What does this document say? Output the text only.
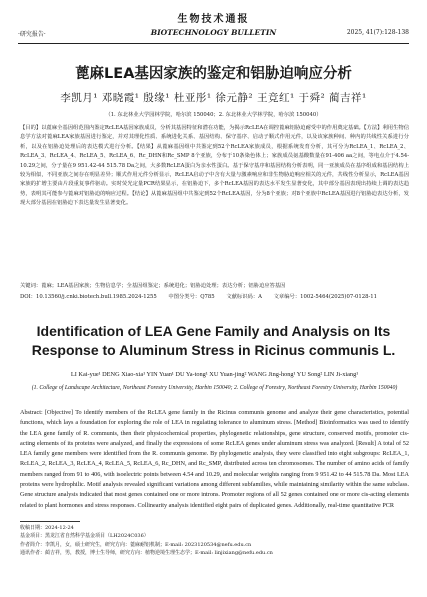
生物技术通报
·研究报告·	BIOTECHNOLOGY BULLETIN	2025, 41(7):128-138
蓖麻LEA基因家族的鉴定和铝胁迫响应分析
李凯月¹ 邓晓霞¹ 殷缘¹ 杜亚彤¹ 徐元静² 王竞红¹ 于舜² 蔺吉祥¹
（1. 东北林业大学园林学院，哈尔滨 150040；2. 东北林业大学林学院，哈尔滨 150040）
【目的】以蓖麻全基因组范围内鉴定RcLEA基因家族成员，分析其基因特征和潜在功能，为揭示RcLEA在调控蓖麻铝胁迫耐受中的作用奠定基础。【方法】利用生物信息学方法对蓖麻LEA家族基因进行鉴定，并对其理化性质、系统进化关系、基因结构、保守基序、启动子顺式作用元件，以及该家族种间、种内的共线性关系进行分析，以及在铝胁迫处理后的表达模式进行分析。【结果】从蓖麻基因组中共鉴定到52个RcLEA家族成员，根据系统发育分析，其可分为RcLEA_1、RcLEA_2、RcLEA_3、RcLEA_4、RcLEA_5、RcLEA_6、Rc_DHN和Rc_SMP 8个亚族，分布于10条染色体上；家族成员氨基酸数量在91-406 aa之间，等电点介于4.54-10.29之间，分子量在9 951.42-44 515.78 Da之间，大多数RcLEA蛋白为亲水性蛋白。基于保守基序和基因结构分析表明，同一亚族成员在基序组成和基因结构上较为相似，不同亚族之间存在明显差异；顺式作用元件分析显示，RcLEA启动子中含有大量与激素响应和非生物胁迫响应相关的元件，共线性分析显示，RcLEA基因家族的扩增主要由片段重复事件驱动。实时荧光定量PCR结果显示，在铝胁迫下，多个RcLEA基因的表达水平发生显著变化，其中部分基因表现出持续上调的表达趋势，表明其可能参与蓖麻对铝胁迫的响应过程。【结论】从蓖麻基因组中共鉴定到52个RcLEA基因，分为8个亚族；对8个亚族中RcLEA基因进行铝胁迫表达分析，发现大部分基因在铝胁迫下表达量发生显著变化。
关键词：蓖麻；LEA基因家族；生物信息学；全基因组鉴定；系统进化；铝胁迫处理；表达分析；铝胁迫应答基因
DOI：10.13560/j.cnki.biotech.bull.1985.2024-1255 中图分类号：Q785 文献标识码：A 文章编号：1002-5464(2025)07-0128-11
Identification of LEA Gene Family and Analysis on Its Response to Aluminum Stress in Ricinus communis L.
LI Kai-yue¹ DENG Xiao-xia¹ YIN Yuan¹ DU Ya-tong¹ XU Yuan-jing² WANG Jing-hong¹ YU Song² LIN Ji-xiang¹
(1. College of Landscape Architecture, Northeast Forestry University, Harbin 150040; 2. College of Forestry, Northeast Forestry University, Harbin 150040)
Abstract: [Objective] To identify members of the RcLEA gene family in the Ricinus communis genome and analyze their gene characteristics, potential functions, which lays a foundation for exploring the role of LEA in regulating tolerance to aluminum stress. [Method] Bioinformatics was used to identify the LEA gene family of R. communis, then their physicochemical properties, phylogenetic relationships, gene structure, conserved motifs, promoter cis-acting elements of its proteins were analyzed, and finally the expressions of some RcLEA genes under aluminum stress was analyzed. [Result] A total of 52 LEA family gene members were identified from the R. communis genome. By phylogenetic analysis, they were classified into eight subgroups: RcLEA_1, RcLEA_2, RcLEA_3, RcLEA_4, RcLEA_5, RcLEA_6, Rc_DHN, and Rc_SMP, distributed across ten chromosomes. The number of amino acids of family members ranged from 91 to 406, with isoelectric points between 4.54 and 10.29, and molecular weights ranging from 9 951.42 to 44 515.78 Da. Most LEA proteins were hydrophilic. Motif analysis revealed significant variations among different subfamilies, while maintaining similarity within the same subclass. Gene structure analysis indicated that most genes contained one or more introns. Promoter regions of all 52 genes contained one or more cis-acting elements related to plant hormones and stress responses. Collinearity analysis identified eight pairs of duplicated genes. Additionally, real-time quantitative PCR
收稿日期：2024-12-24
基金项目：黑龙江省自然科学基金项目（LH2024C036）
作者简介：李凯月，女，硕士研究生，研究方向：蓖麻耐铝机制；E-mail: 2023120534@nefu.edu.cn
通讯作者：蔺吉祥，男，教授，博士生导师，研究方向：植物逆境生理生态学；E-mail: linjixiang@nefu.edu.cn
